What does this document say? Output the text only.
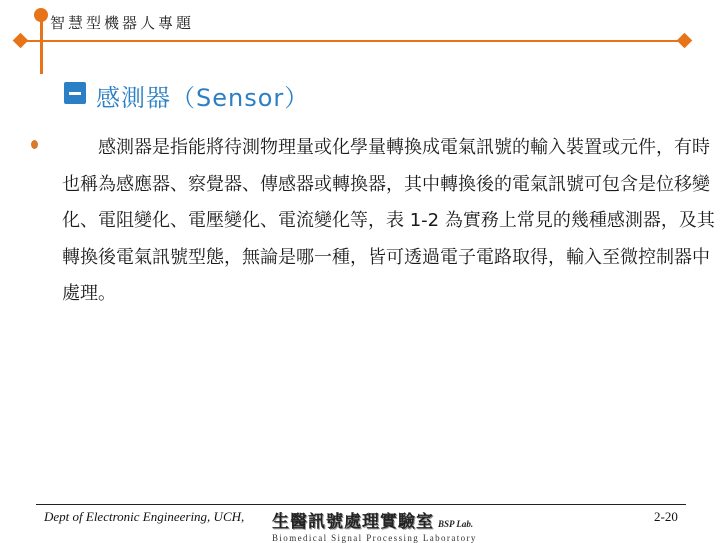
智慧型機器人專題
感測器（Sensor）
感測器是指能將待測物理量或化學量轉換成電氣訊號的輸入裝置或元件，有時
也稱為感應器、察覺器、傳感器或轉換器，其中轉換後的電氣訊號可包含是位移變
化、電阻變化、電壓變化、電流變化等，表 1-2 為實務上常見的幾種感測器，及其
轉換後電氣訊號型態，無論是哪一種，皆可透過電子電路取得，輸入至微控制器中
處理。
Dept of Electronic Engineering, UCH, 生醫訊號處理實驗室 BSP Lab.
Biomedical Signal Processing Laboratory
2-20
